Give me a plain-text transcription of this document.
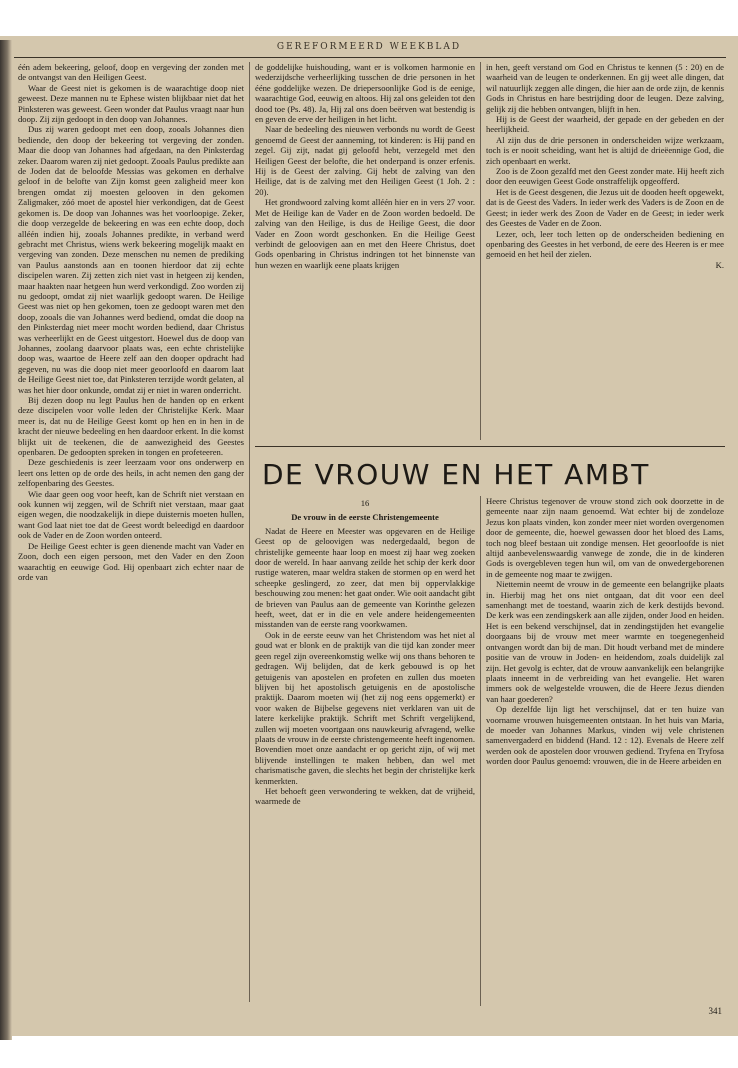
GEREFORMEERD WEEKBLAD

één adem bekeering, geloof, doop en vergeving der zonden met de ontvangst van den Heiligen Geest.

Waar de Geest niet is gekomen is de waarachtige doop niet geweest. Deze mannen nu te Ephese wisten blijkbaar niet dat het Pinksteren was geweest. Geen wonder dat Paulus vraagt naar hun doop. Zij zijn gedoopt in den doop van Johannes.

Dus zij waren gedoopt met een doop, zooals Johannes dien bediende, den doop der bekeering tot vergeving der zonden. Maar die doop van Johannes had afgedaan, na den Pinksterdag zeker. Daarom waren zij niet gedoopt. Zooals Paulus predikte aan de Joden dat de beloofde Messias was gekomen en derhalve geloof in de belofte van Zijn komst geen zaligheid meer kon brengen omdat zij moesten gelooven in den gekomen Zaligmaker, zóó moet de apostel hier verkondigen, dat de Geest gekomen is. De doop van Johannes was het voorloopige. Zeker, die doop verzegelde de bekeering en was een echte doop, doch alléén indien hij, zooals Johannes predikte, in verband werd gebracht met Christus, wiens werk bekeering mogelijk maakt en vergeving van zonden. Deze menschen nu nemen de prediking van Paulus aanstonds aan en toonen hierdoor dat zij echte discipelen waren. Zij zetten zich niet vast in hetgeen zij kenden, maar haakten naar hetgeen hun werd verkondigd. Zoo worden zij nu gedoopt, omdat zij niet waarlijk gedoopt waren. De Heilige Geest was niet op hen gekomen, toen ze gedoopt waren met den doop, zooals die van Johannes werd bediend, omdat die doop na den Pinksterdag niet meer mocht worden bediend, daar Christus was verheerlijkt en de Geest uitgestort. Hoewel dus de doop van Johannes, zoolang daarvoor plaats was, een echte christelijke doop was, waartoe de Heere zelf aan den dooper opdracht had gegeven, nu was die doop niet meer geoorloofd en daarom laat de Heilige Geest niet toe, dat Pinksteren terzijde wordt gelaten, al was het hier door onkunde, omdat zij er niet in waren onderricht.

Bij dezen doop nu legt Paulus hen de handen op en erkent deze discipelen voor volle leden der Christelijke Kerk. Maar meer is, dat nu de Heilige Geest komt op hen en in hen in de kracht der nieuwe bedeeling en hen daardoor erkent. In die komst blijkt uit de teekenen, die de aanwezigheid des Geestes openbaren. De gedoopten spreken in tongen en profeteeren.

Deze geschiedenis is zeer leerzaam voor ons onderwerp en leert ons letten op de orde des heils, in acht nemen den gang der zelfopenbaring des Geestes.

Wie daar geen oog voor heeft, kan de Schrift niet verstaan en ook kunnen wij zeggen, wil de Schrift niet verstaan, maar gaat eigen wegen, die noodzakelijk in diepe duisternis moeten hullen, want God laat niet toe dat de Geest wordt beleedigd en daardoor ook de Vader en de Zoon worden onteerd.

De Heilige Geest echter is geen dienende macht van Vader en Zoon, doch een eigen persoon, met den Vader en den Zoon waarachtig en eeuwige God. Hij openbaart zich echter naar de orde van

de goddelijke huishouding, want er is volkomen harmonie en wederzijdsche verheerlijking tusschen de drie personen in het ééne goddelijke wezen. De driepersoonlijke God is de eenige, waarachtige God, eeuwig en altoos. Hij zal ons geleiden tot den dood toe (Ps. 48). Ja, Hij zal ons doen beërven wat bestendig is en geven de erve der heiligen in het licht.

Naar de bedeeling des nieuwen verbonds nu wordt de Geest genoemd de Geest der aanneming, tot kinderen: is Hij pand en zegel. Gij zijt, nadat gij geloofd hebt, verzegeld met den Heiligen Geest der belofte, die het onderpand is onzer erfenis. Hij is de Geest der zalving. Gij hebt de zalving van den Heilige, dat is de zalving met den Heiligen Geest (1 Joh. 2 : 20).

Het grondwoord zalving komt alléén hier en in vers 27 voor. Met de Heilige kan de Vader en de Zoon worden bedoeld. De zalving van den Heilige, is dus de Heilige Geest, die door Vader en Zoon wordt geschonken. En die Heilige Geest verbindt de geloovigen aan en met den Heere Christus, doet Gods openbaring in Christus indringen tot het binnenste van hun wezen en waarlijk eene plaats krijgen

in hen, geeft verstand om God en Christus te kennen (5 : 20) en de waarheid van de leugen te onderkennen. En gij weet alle dingen, dat wil natuurlijk zeggen alle dingen, die hier aan de orde zijn, de kennis Gods in Christus en hare bestrijding door de leugen. Deze zalving, gelijk zij die hebben ontvangen, blijft in hen.

Hij is de Geest der waarheid, der gepade en der gebeden en der heerlijkheid.

Al zijn dus de drie personen in onderscheiden wijze werkzaam, toch is er nooit scheiding, want het is altijd de drieëennige God, die zich openbaart en werkt.

Zoo is de Zoon gezalfd met den Geest zonder mate. Hij heeft zich door den eeuwigen Geest Gode onstraffelijk opgeofferd.

Het is de Geest desgenen, die Jezus uit de dooden heeft opgewekt, dat is de Geest des Vaders. In ieder werk des Vaders is de Zoon en de Geest; in ieder werk des Zoon de Vader en de Geest; in ieder werk des Geestes de Vader en de Zoon.

Lezer, och, leer toch letten op de onderscheiden bediening en openbaring des Geestes in het verbond, de eere des Heeren is er mee gemoeid en het heil der zielen.

K.
DE VROUW EN HET AMBT
16
De vrouw in de eerste Christengemeente

Nadat de Heere en Meester was opgevaren en de Heilige Geest op de geloovigen was nedergedaald, begon de christelijke gemeente haar loop en moest zij haar weg zoeken door de wereld. In haar aanvang zeilde het schip der kerk door rustige wateren, maar weldra staken de stormen op en werd het scheepke geslingerd, zo zeer, dat men bij oppervlakkige beschouwing zou menen: het gaat onder. Wie ooit aandacht gibt de brieven van Paulus aan de gemeente van Korinthe gelezen heeft, weet, dat er in die en vele andere heidengemeenten misstanden van de eerste rang voorkwamen.

Ook in de eerste eeuw van het Christendom was het niet al goud wat er blonk en de praktijk van die tijd kan zonder meer geen regel zijn overeenkomstig welke wij ons thans behoren te gedragen. Wij belijden, dat de kerk gebouwd is op het getuigenis van apostelen en profeten en zullen dus moeten blijven bij het apostolisch getuigenis en de apostolische praktijk. Daarom moeten wij (het zij nog eens opgemerkt) er voor waken de Bijbelse gegevens niet verklaren van uit de latere kerkelijke praktijk. Schrift met Schrift vergelijkend, zullen wij moeten voortgaan ons nauwkeurig afvragend, welke plaats de vrouw in de eerste christengemeente heeft ingenomen. Bovendien moet onze aandacht er op gericht zijn, of wij met blijvende instellingen te maken hebben, dan wel met charismatische gaven, die slechts het begin der christelijke kerk kenmerkten.

Het behoeft geen verwondering te wekken, dat de vrijheid, waarmede de

Heere Christus tegenover de vrouw stond zich ook doorzette in de gemeente naar zijn naam genoemd. Wat echter bij de zondeloze Jezus kon plaats vinden, kon zonder meer niet worden overgenomen door de gemeente, die, hoewel gewassen door het bloed des Lams, toch nog bleef bestaan uit zondige mensen. Het geoorloofde is niet altijd aanbevelenswaardig vanwege de zonde, die in de kinderen Gods is overgebleven tegen hun wil, om van de onwedergeborenen in de gemeente nog maar te zwijgen.

Niettemin neemt de vrouw in de gemeente een belangrijke plaats in. Hierbij mag het ons niet ontgaan, dat dit voor een deel samenhangt met de toestand, waarin zich de kerk destijds bevond. De kerk was een zendingskerk aan alle zijden, onder Jood en heiden. Het is een bekend verschijnsel, dat in zendingstijden het evangelie doorgaans bij de vrouw met meer warmte en toegenegenheid ontvangen wordt dan bij de man. Dit houdt verband met de mindere positie van de vrouw in Joden- en heidendom, zoals duidelijk zal zijn. Het gevolg is echter, dat de vrouw aanvankelijk een belangrijke plaats inneemt in de verbreiding van het evangelie. Het waren immers ook de welgestelde vrouwen, die de Heere Jezus dienden van haar goederen?

Op dezelfde lijn ligt het verschijnsel, dat er ten huize van voorname vrouwen huisgemeenten ontstaan. In het huis van Maria, de moeder van Johannes Markus, vinden wij vele christenen samenvergaderd en biddend (Hand. 12 : 12). Evenals de Heere zelf werden ook de apostelen door vrouwen gediend. Tryfena en Tryfosa worden door Paulus genoemd: vrouwen, die in de Heere arbeiden en

341
